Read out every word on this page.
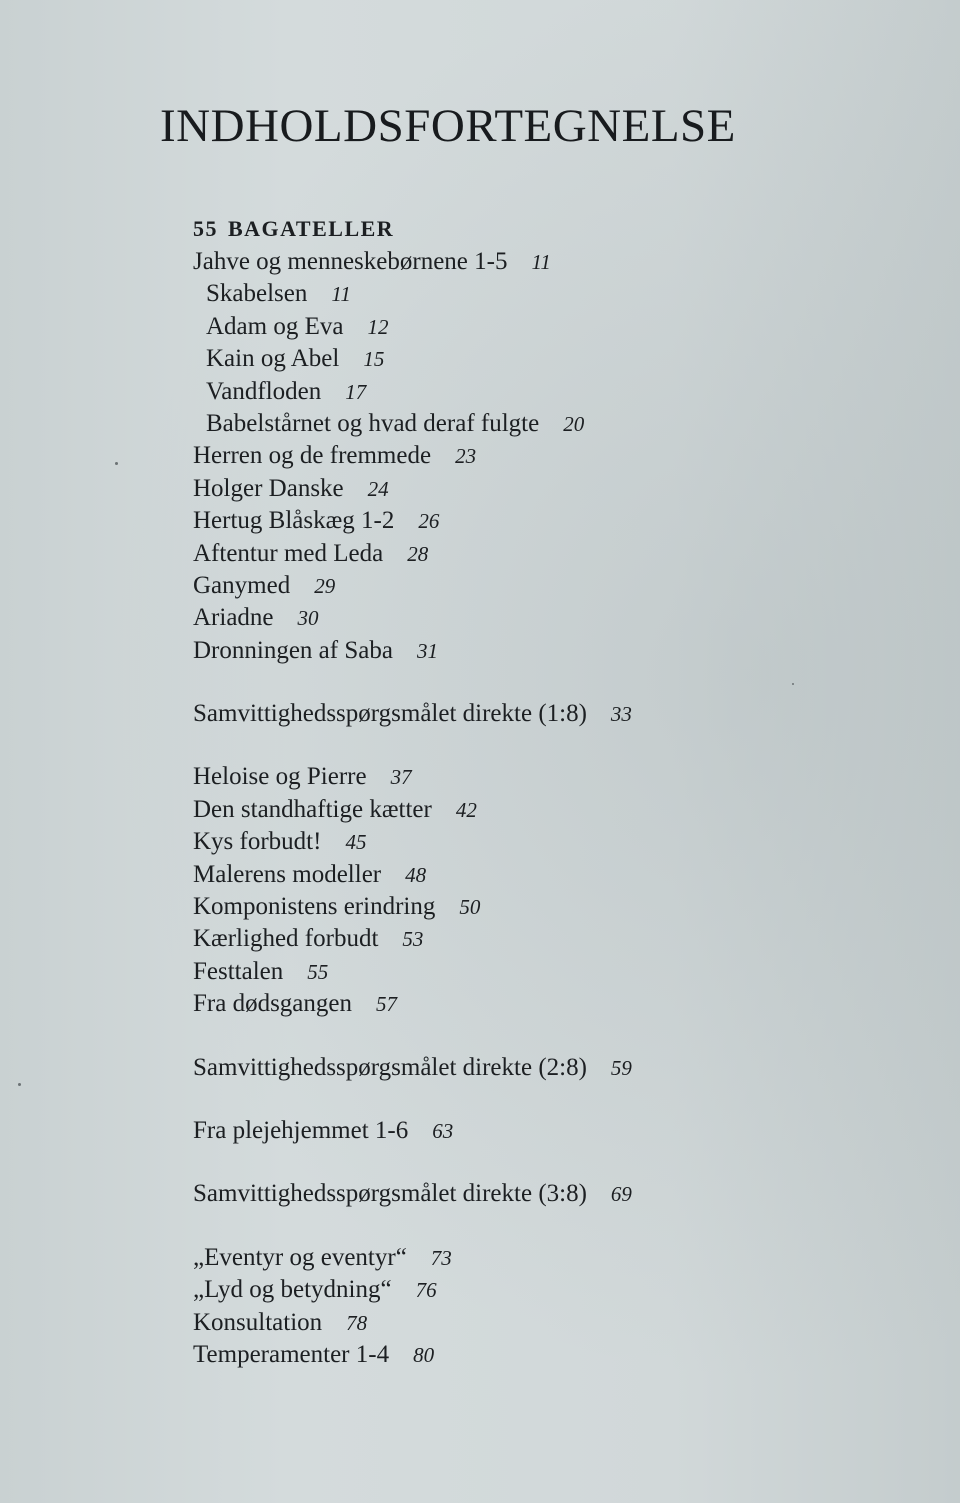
INDHOLDSFORTEGNELSE
55 BAGATELLER
Jahve og menneskebørnene 1-5 11
Skabelsen 11
Adam og Eva 12
Kain og Abel 15
Vandfloden 17
Babelstårnet og hvad deraf fulgte 20
Herren og de fremmede 23
Holger Danske 24
Hertug Blåskæg 1-2 26
Aftentur med Leda 28
Ganymed 29
Ariadne 30
Dronningen af Saba 31
Samvittighedsspørgsmålet direkte (1:8) 33
Heloise og Pierre 37
Den standhaftige kætter 42
Kys forbudt! 45
Malerens modeller 48
Komponistens erindring 50
Kærlighed forbudt 53
Festtalen 55
Fra dødsgangen 57
Samvittighedsspørgsmålet direkte (2:8) 59
Fra plejehjemmet 1-6 63
Samvittighedsspørgsmålet direkte (3:8) 69
„Eventyr og eventyr“ 73
„Lyd og betydning“ 76
Konsultation 78
Temperamenter 1-4 80
